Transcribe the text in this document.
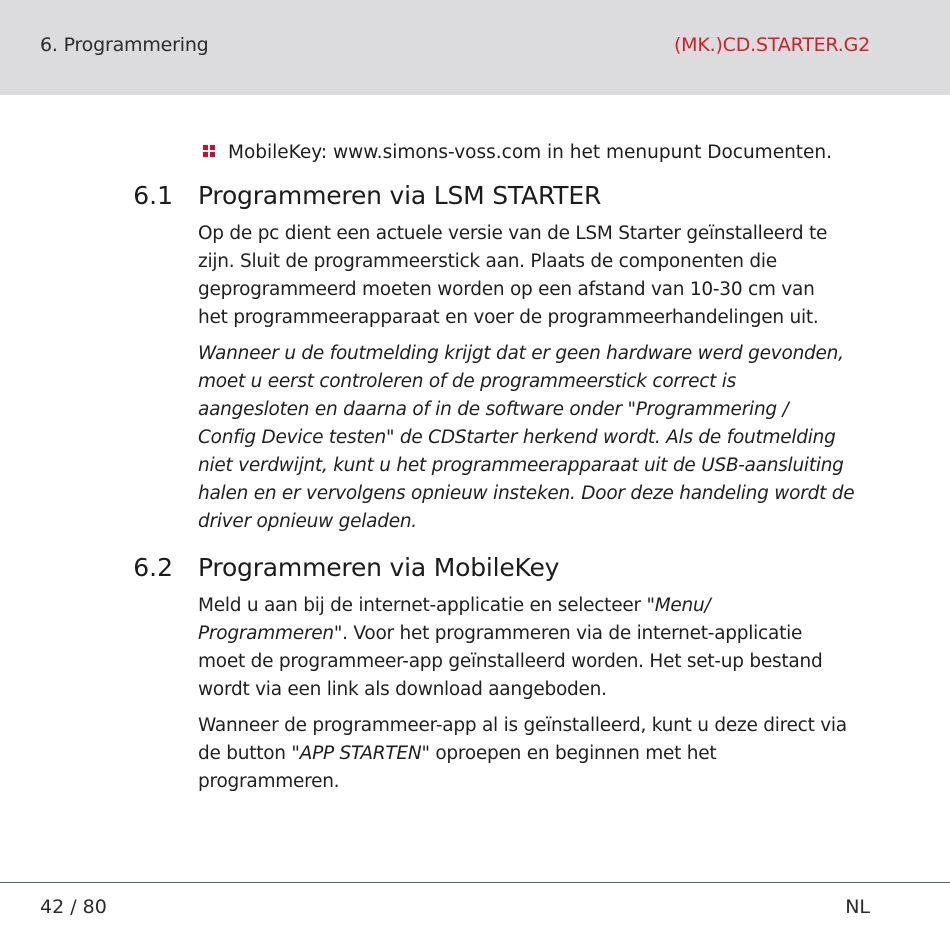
6. Programmering	(MK.)CD.STARTER.G2
MobileKey: www.simons-voss.com in het menupunt Documenten.
6.1 Programmeren via LSM STARTER
Op de pc dient een actuele versie van de LSM Starter geïnstalleerd te
zijn. Sluit de programmeerstick aan. Plaats de componenten die
geprogrammeerd moeten worden op een afstand van 10-30 cm van
het programmeerapparaat en voer de programmeerhandelingen uit.
Wanneer u de foutmelding krijgt dat er geen hardware werd gevonden,
moet u eerst controleren of de programmeerstick correct is
aangesloten en daarna of in de software onder "Programmering /
Config Device testen" de CDStarter herkend wordt. Als de foutmelding
niet verdwijnt, kunt u het programmeerapparaat uit de USB-aansluiting
halen en er vervolgens opnieuw insteken. Door deze handeling wordt de
driver opnieuw geladen.
6.2 Programmeren via MobileKey
Meld u aan bij de internet-applicatie en selecteer "Menu/
Programmeren". Voor het programmeren via de internet-applicatie
moet de programmeer-app geïnstalleerd worden. Het set-up bestand
wordt via een link als download aangeboden.
Wanneer de programmeer-app al is geïnstalleerd, kunt u deze direct via
de button "APP STARTEN" oproepen en beginnen met het
programmeren.
42 / 80	NL
